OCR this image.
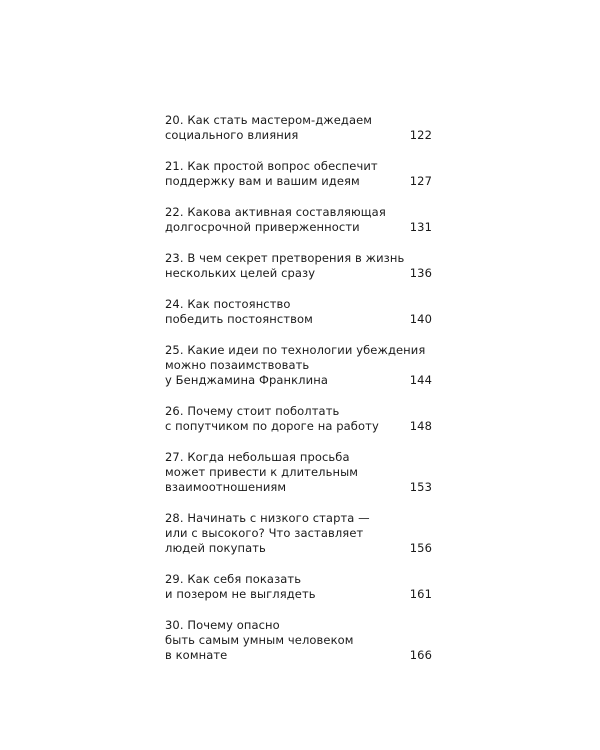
20. Как стать мастером-джедаем
социального влияния	122
21. Как простой вопрос обеспечит
поддержку вам и вашим идеям	127
22. Какова активная составляющая
долгосрочной приверженности	131
23. В чем секрет претворения в жизнь
нескольких целей сразу	136
24. Как постоянство
победить постоянством	140
25. Какие идеи по технологии убеждения
можно позаимствовать
у Бенджамина Франклина	144
26. Почему стоит поболтать
с попутчиком по дороге на работу	148
27. Когда небольшая просьба
может привести к длительным
взаимоотношениям	153
28. Начинать с низкого старта —
или с высокого? Что заставляет
людей покупать	156
29. Как себя показать
и позером не выглядеть	161
30. Почему опасно
быть самым умным человеком
в комнате	166
